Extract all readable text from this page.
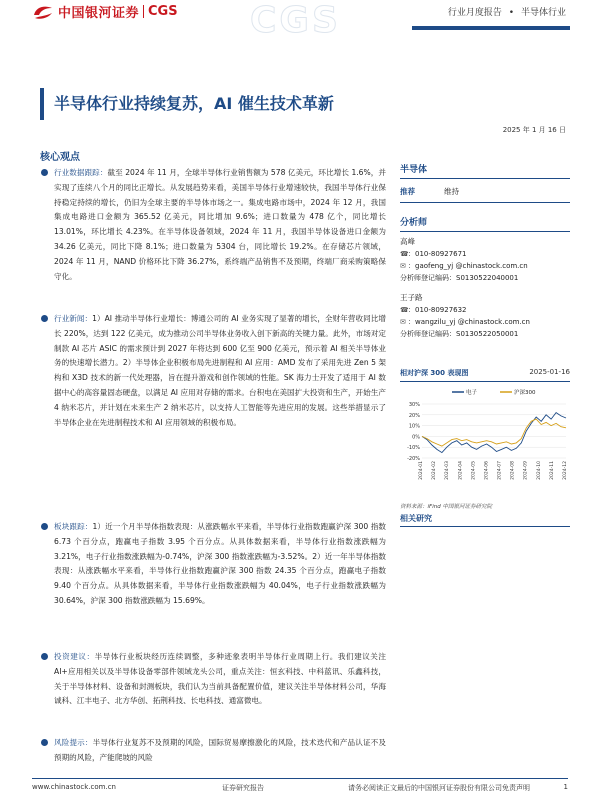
中国银河证券 CGS CGS	行业月度报告 • 半导体行业
半导体行业持续复苏，AI 催生技术革新
2025 年 1 月 16 日
核心观点
行业数据跟踪：截至 2024 年 11 月，全球半导体行业销售额为 578 亿美元，环比增长 1.6%，并实现了连续八个月的同比正增长。从发展趋势来看，美国半导体行业增速较快，我国半导体行业保持稳定持续的增长，仍旧为全球主要的半导体市场之一。集成电路市场中，2024 年 12 月，我国集成电路进口金额为 365.52 亿美元，同比增加 9.6%；进口数量为 478 亿个，同比增长 13.01%，环比增长 4.23%。在半导体设备领域，2024 年 11 月，我国半导体设备进口金额为 34.26 亿美元，同比下降 8.1%；进口数量为 5304 台，同比增长 19.2%。在存储芯片领域，2024 年 11 月，NAND 价格环比下降 36.27%，系终端产品销售不及预期，终端厂商采购策略保守化。
行业新闻：1）AI 推动半导体行业增长：博通公司的 AI 业务实现了显著的增长，全财年营收同比增长 220%，达到 122 亿美元，成为推动公司半导体业务收入创下新高的关键力量。此外，市场对定制款 AI 芯片 ASIC 的需求预计到 2027 年将达到 600 亿至 900 亿美元，预示着 AI 相关半导体业务的快速增长潜力。2）半导体企业积极布局先进制程和 AI 应用：AMD 发布了采用先进 Zen 5 架构和 X3D 技术的新一代处理器，旨在提升游戏和创作领域的性能。SK 海力士开发了适用于 AI 数据中心的高容量固态硬盘，以满足 AI 应用对存储的需求。台积电在美国扩大投资和生产，开始生产 4 纳米芯片，并计划在未来生产 2 纳米芯片，以支持人工智能等先进应用的发展。这些举措显示了半导体企业在先进制程技术和 AI 应用领域的积极布局。
板块跟踪：1）近一个月半导体指数表现：从涨跌幅水平来看，半导体行业指数跑赢沪深 300 指数 6.73 个百分点，跑赢电子指数 3.95 个百分点。从具体数据来看，半导体行业指数涨跌幅为 3.21%，电子行业指数涨跌幅为-0.74%，沪深 300 指数涨跌幅为-3.52%。2）近一年半导体指数表现：从涨跌幅水平来看，半导体行业指数跑赢沪深 300 指数 24.35 个百分点，跑赢电子指数 9.40 个百分点。从具体数据来看，半导体行业指数涨跌幅为 40.04%，电子行业指数涨跌幅为 30.64%，沪深 300 指数涨跌幅为 15.69%。
投资建议：半导体行业板块经历连续调整，多种迹象表明半导体行业周期上行。我们建议关注 AI+应用相关以及半导体设备零部件领域龙头公司，重点关注：恒玄科技、中科蓝讯、乐鑫科技，关于半导体材料、设备和封测板块，我们认为当前具备配置价值，建议关注半导体材料公司，华海诚科、江丰电子、北方华创、拓荆科技、长电科技、通富微电。
风险提示：半导体行业复苏不及预期的风险，国际贸易摩擦激化的风险，技术迭代和产品认证不及预期的风险，产能爬坡的风险
半导体
推荐	维持
分析师
高峰
☎：010-80927671
✉ ：gaofeng_yj @chinastock.com.cn
分析师登记编码：S0130522040001
王子路
☎：010-80927632
✉ ：wangzilu_yj @chinastock.com.cn
分析师登记编码：S0130522050001
相对沪深 300 表现图	2025-01-16
30%
20%
10%
0%
-10%
-20%
2024-01 2024-02 2024-03 2024-04 2024-05 2024-06 2024-07 2024-08 2024-09 2024-10 2024-11 2024-12
电子	沪深300
资料来源：iFind 中国银河证券研究院
相关研究
www.chinastock.com.cn	证券研究报告	请务必阅读正文最后的中国银河证券股份有限公司免责声明	1
